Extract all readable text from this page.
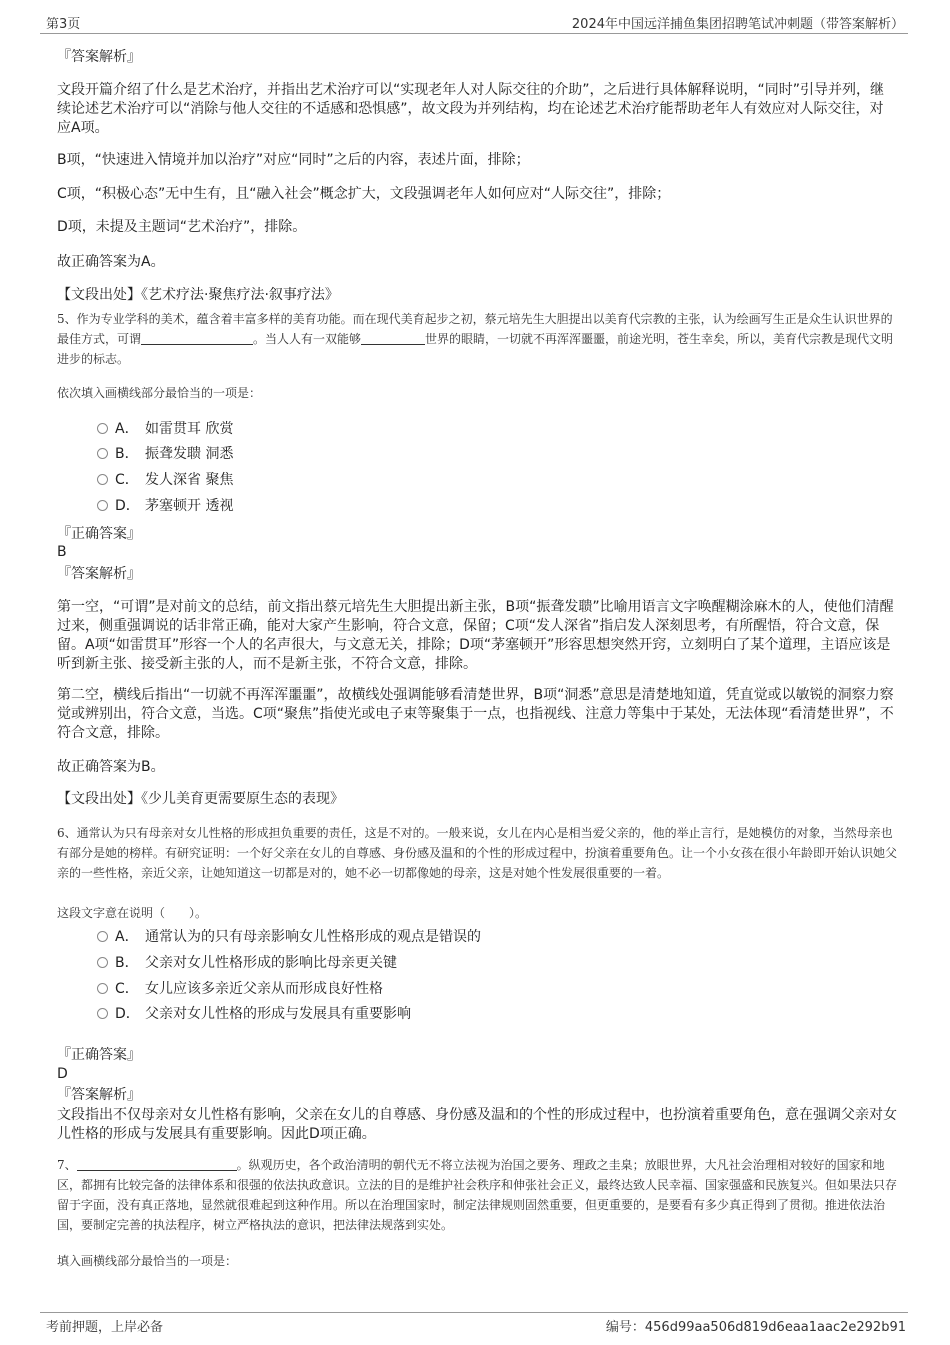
第3页	2024年中国远洋捕鱼集团招聘笔试冲刺题（带答案解析）

『答案解析』

文段开篇介绍了什么是艺术治疗，并指出艺术治疗可以“实现老年人对人际交往的介助”，之后进行具体解释说明，“同时”引导并列，继续论述艺术治疗可以“消除与他人交往的不适感和恐惧感”，故文段为并列结构，均在论述艺术治疗能帮助老年人有效应对人际交往，对应A项。

B项，“快速进入情境并加以治疗”对应“同时”之后的内容，表述片面，排除；

C项，“积极心态”无中生有，且“融入社会”概念扩大，文段强调老年人如何应对“人际交往”，排除；

D项，未提及主题词“艺术治疗”，排除。

故正确答案为A。

【文段出处】《艺术疗法·聚焦疗法·叙事疗法》

5、作为专业学科的美术，蕴含着丰富多样的美育功能。而在现代美育起步之初，蔡元培先生大胆提出以美育代宗教的主张，认为绘画写生正是众生认识世界的最佳方式，可谓	。当人人有一双能够	世界的眼睛，一切就不再浑浑噩噩，前途光明，苍生幸矣，所以，美育代宗教是现代文明进步的标志。

依次填入画横线部分最恰当的一项是：

A． 如雷贯耳 欣赏
B． 振聋发聩 洞悉
C． 发人深省 聚焦
D． 茅塞顿开 透视

『正确答案』

B

『答案解析』

第一空，“可谓”是对前文的总结，前文指出蔡元培先生大胆提出新主张，B项“振聋发聩”比喻用语言文字唤醒糊涂麻木的人，使他们清醒过来，侧重强调说的话非常正确，能对大家产生影响，符合文意，保留；C项“发人深省”指启发人深刻思考，有所醒悟，符合文意，保留。A项“如雷贯耳”形容一个人的名声很大，与文意无关，排除；D项“茅塞顿开”形容思想突然开窍，立刻明白了某个道理，主语应该是听到新主张、接受新主张的人，而不是新主张，不符合文意，排除。

第二空，横线后指出“一切就不再浑浑噩噩”，故横线处强调能够看清楚世界，B项“洞悉”意思是清楚地知道，凭直觉或以敏锐的洞察力察觉或辨别出，符合文意，当选。C项“聚焦”指使光或电子束等聚集于一点，也指视线、注意力等集中于某处，无法体现“看清楚世界”，不符合文意，排除。

故正确答案为B。

【文段出处】《少儿美育更需要原生态的表现》

6、通常认为只有母亲对女儿性格的形成担负重要的责任，这是不对的。一般来说，女儿在内心是相当爱父亲的，他的举止言行，是她模仿的对象，当然母亲也有部分是她的榜样。有研究证明：一个好父亲在女儿的自尊感、身份感及温和的个性的形成过程中，扮演着重要角色。让一个小女孩在很小年龄即开始认识她父亲的一些性格，亲近父亲，让她知道这一切都是对的，她不必一切都像她的母亲，这是对她个性发展很重要的一着。

这段文字意在说明（　　）。

A． 通常认为的只有母亲影响女儿性格形成的观点是错误的
B． 父亲对女儿性格形成的影响比母亲更关键
C． 女儿应该多亲近父亲从而形成良好性格
D． 父亲对女儿性格的形成与发展具有重要影响

『正确答案』

D

『答案解析』

文段指出不仅母亲对女儿性格有影响，父亲在女儿的自尊感、身份感及温和的个性的形成过程中，也扮演着重要角色，意在强调父亲对女儿性格的形成与发展具有重要影响。因此D项正确。

7、	。纵观历史，各个政治清明的朝代无不将立法视为治国之要务、理政之圭臬；放眼世界，大凡社会治理相对较好的国家和地区，都拥有比较完备的法律体系和很强的依法执政意识。立法的目的是维护社会秩序和伸张社会正义，最终达致人民幸福、国家强盛和民族复兴。但如果法只存留于字面，没有真正落地，显然就很难起到这种作用。所以在治理国家时，制定法律规则固然重要，但更重要的，是要看有多少真正得到了贯彻。推进依法治国，要制定完善的执法程序，树立严格执法的意识，把法律法规落到实处。

填入画横线部分最恰当的一项是：

考前押题，上岸必备	编号：456d99aa506d819d6eaa1aac2e292b91
